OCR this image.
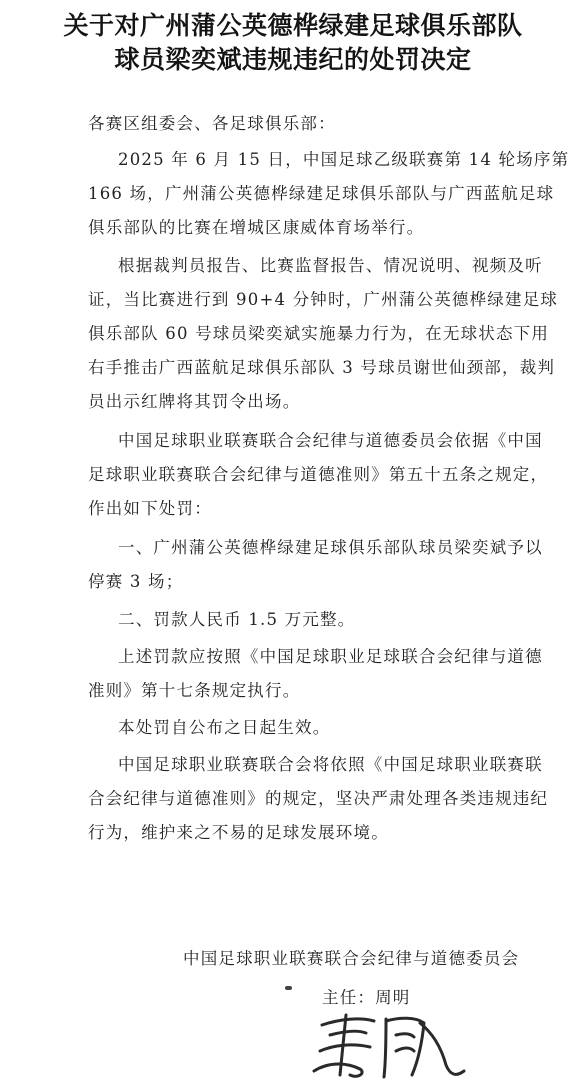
关于对广州蒲公英德桦绿建足球俱乐部队
球员梁奕斌违规违纪的处罚决定
各赛区组委会、各足球俱乐部：
2025 年 6 月 15 日，中国足球乙级联赛第 14 轮场序第
166 场，广州蒲公英德桦绿建足球俱乐部队与广西蓝航足球
俱乐部队的比赛在增城区康威体育场举行。
根据裁判员报告、比赛监督报告、情况说明、视频及听
证，当比赛进行到 90+4 分钟时，广州蒲公英德桦绿建足球
俱乐部队 60 号球员梁奕斌实施暴力行为，在无球状态下用
右手推击广西蓝航足球俱乐部队 3 号球员谢世仙颈部，裁判
员出示红牌将其罚令出场。
中国足球职业联赛联合会纪律与道德委员会依据《中国
足球职业联赛联合会纪律与道德准则》第五十五条之规定，
作出如下处罚：
一、广州蒲公英德桦绿建足球俱乐部队球员梁奕斌予以
停赛 3 场；
二、罚款人民币 1.5 万元整。
上述罚款应按照《中国足球职业足球联合会纪律与道德
准则》第十七条规定执行。
本处罚自公布之日起生效。
中国足球职业联赛联合会将依照《中国足球职业联赛联
合会纪律与道德准则》的规定，坚决严肃处理各类违规违纪
行为，维护来之不易的足球发展环境。
中国足球职业联赛联合会纪律与道德委员会
主任：周明
